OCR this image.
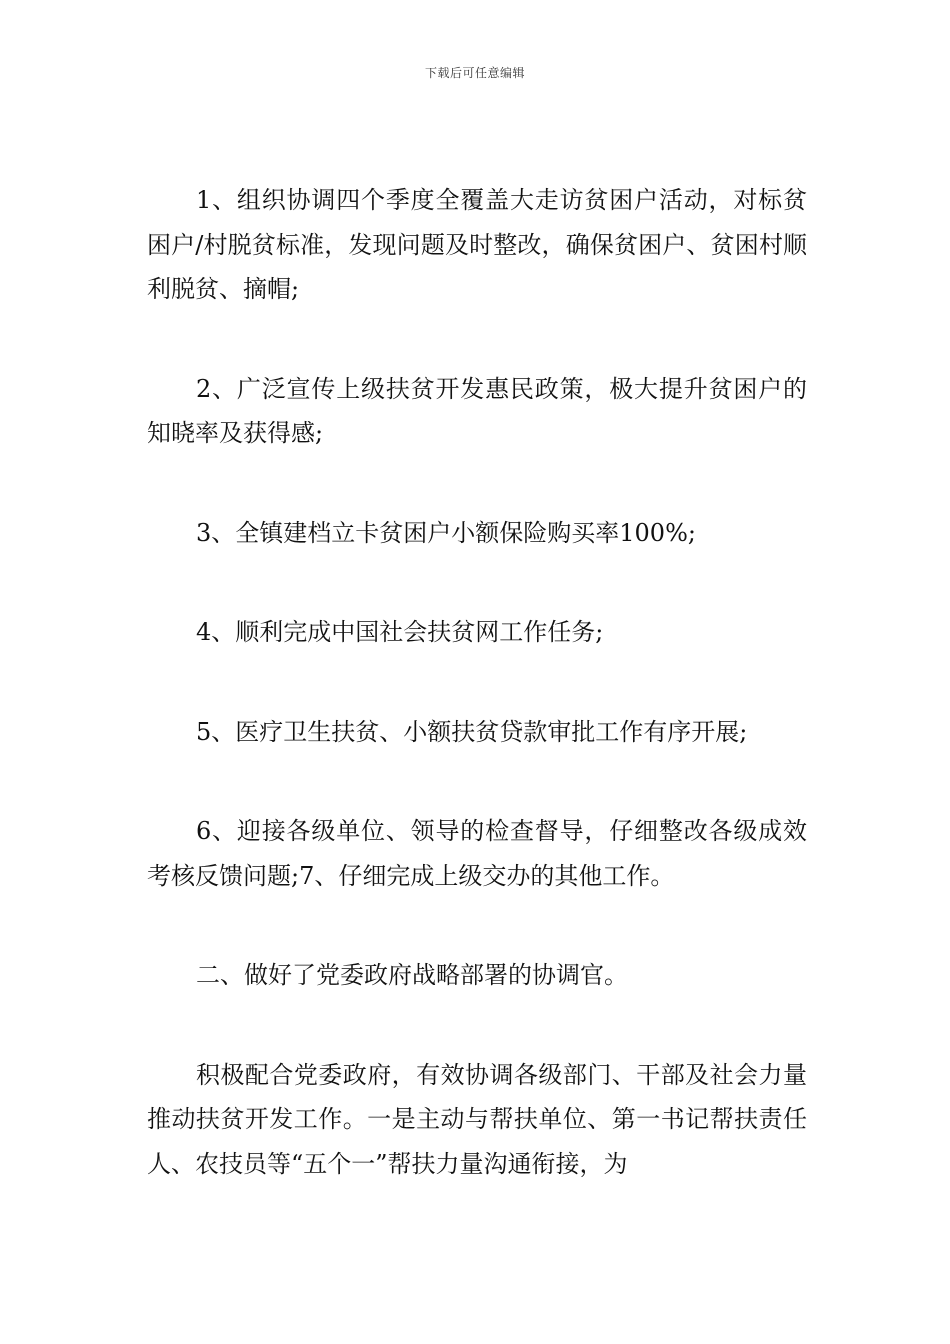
下载后可任意编辑

1、组织协调四个季度全覆盖大走访贫困户活动，对标贫困户/村脱贫标准，发现问题及时整改，确保贫困户、贫困村顺利脱贫、摘帽;

2、广泛宣传上级扶贫开发惠民政策，极大提升贫困户的知晓率及获得感;

3、全镇建档立卡贫困户小额保险购买率100%;

4、顺利完成中国社会扶贫网工作任务;

5、医疗卫生扶贫、小额扶贫贷款审批工作有序开展;

6、迎接各级单位、领导的检查督导，仔细整改各级成效考核反馈问题;7、仔细完成上级交办的其他工作。

二、做好了党委政府战略部署的协调官。

积极配合党委政府，有效协调各级部门、干部及社会力量推动扶贫开发工作。一是主动与帮扶单位、第一书记帮扶责任人、农技员等“五个一”帮扶力量沟通衔接，为
